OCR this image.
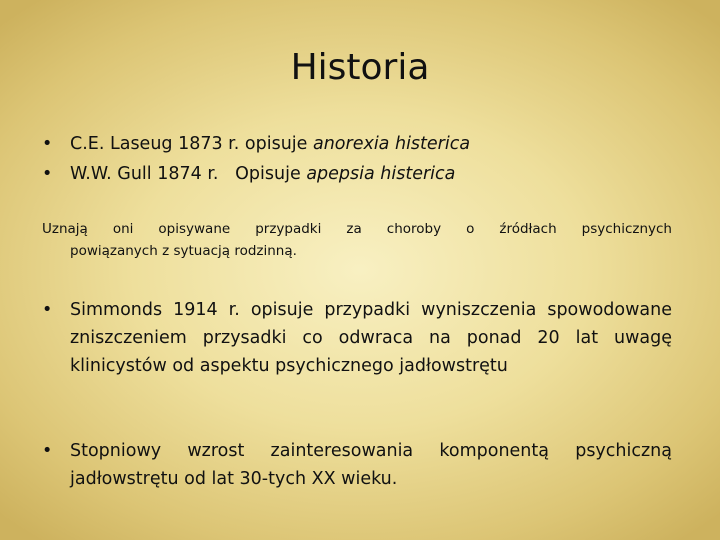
Historia
• C.E. Laseug 1873 r. opisuje anorexia histerica
• W.W. Gull 1874 r.   Opisuje apepsia histerica

Uznają oni opisywane przypadki za choroby o źródłach psychicznych
powiązanych z sytuacją rodzinną.

• Simmonds 1914 r. opisuje przypadki wyniszczenia spowodowane zniszczeniem przysadki co odwraca na ponad 20 lat uwagę klinicystów od aspektu psychicznego jadłowstrętu
• Stopniowy wzrost zainteresowania komponentą psychiczną jadłowstrętu od lat 30-tych XX wieku.
